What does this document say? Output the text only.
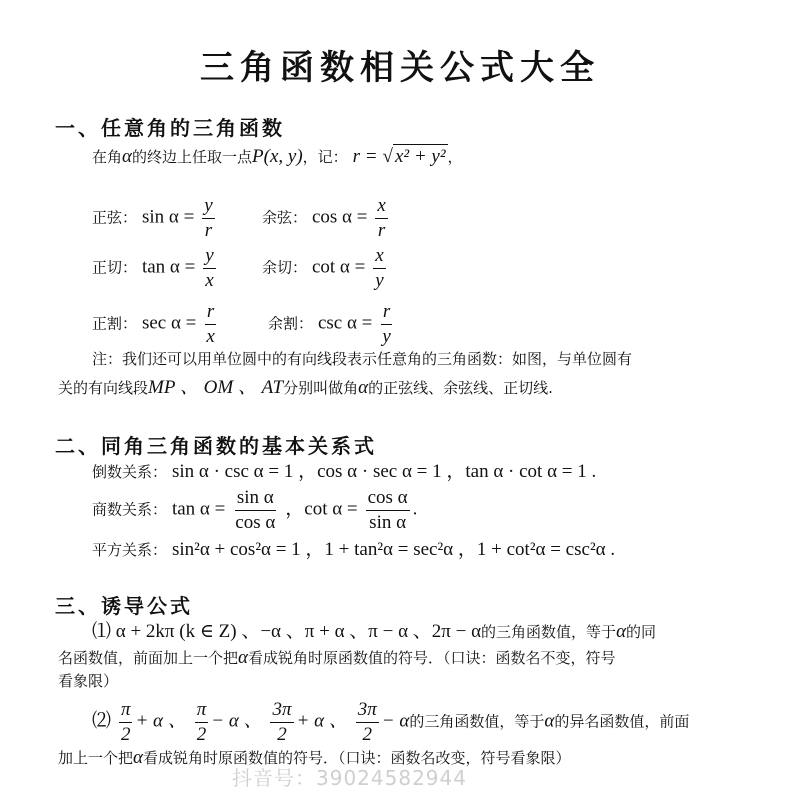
三角函数相关公式大全
一、任意角的三角函数
在角α的终边上任取一点P(x, y)，记： r = √ x² + y² ，
正弦： $\sin \alpha = \frac{y}{r}$	余弦： $\cos \alpha = \frac{x}{r}$
正切： $\tan \alpha = \frac{y}{x}$	余切： $\cot \alpha = \frac{x}{y}$
正割： $\sec \alpha = \frac{r}{x}$	余割： $\csc \alpha = \frac{r}{y}$
注：我们还可以用单位圆中的有向线段表示任意角的三角函数：如图，与单位圆有
关的有向线段MP 、 OM 、 AT分别叫做角α的正弦线、余弦线、正切线.
二、同角三角函数的基本关系式
倒数关系： sin α · csc α = 1 ，cos α · sec α = 1 ，tan α · cot α = 1 .
商数关系： $\tan \alpha = \frac{\text{sin α}}{\text{cos α}}$ ，$\cot \alpha = \frac{\text{cos α}}{\text{sin α}}$ .
平方关系： sin²α + cos²α = 1 ，1 + tan²α = sec²α ，1 + cot²α = csc²α .
三、诱导公式
⑴ α + 2kπ (k ∈ Z) 、−α 、π + α 、π − α 、2π − α的三角函数值，等于α的同
名函数值，前面加上一个把α看成锐角时原函数值的符号．（口诀：函数名不变，符号
看象限）
⑵ $\frac{\pi}{2} + \alpha$ 、 $\frac{\pi}{2} - \alpha$ 、 $\frac{3\pi}{2} + \alpha$ 、 $\frac{3\pi}{2} - \alpha$的三角函数值，等于α的异名函数值，前面
加上一个把α看成锐角时原函数值的符号．（口诀：函数名改变，符号看象限）
抖音号：39024582944
